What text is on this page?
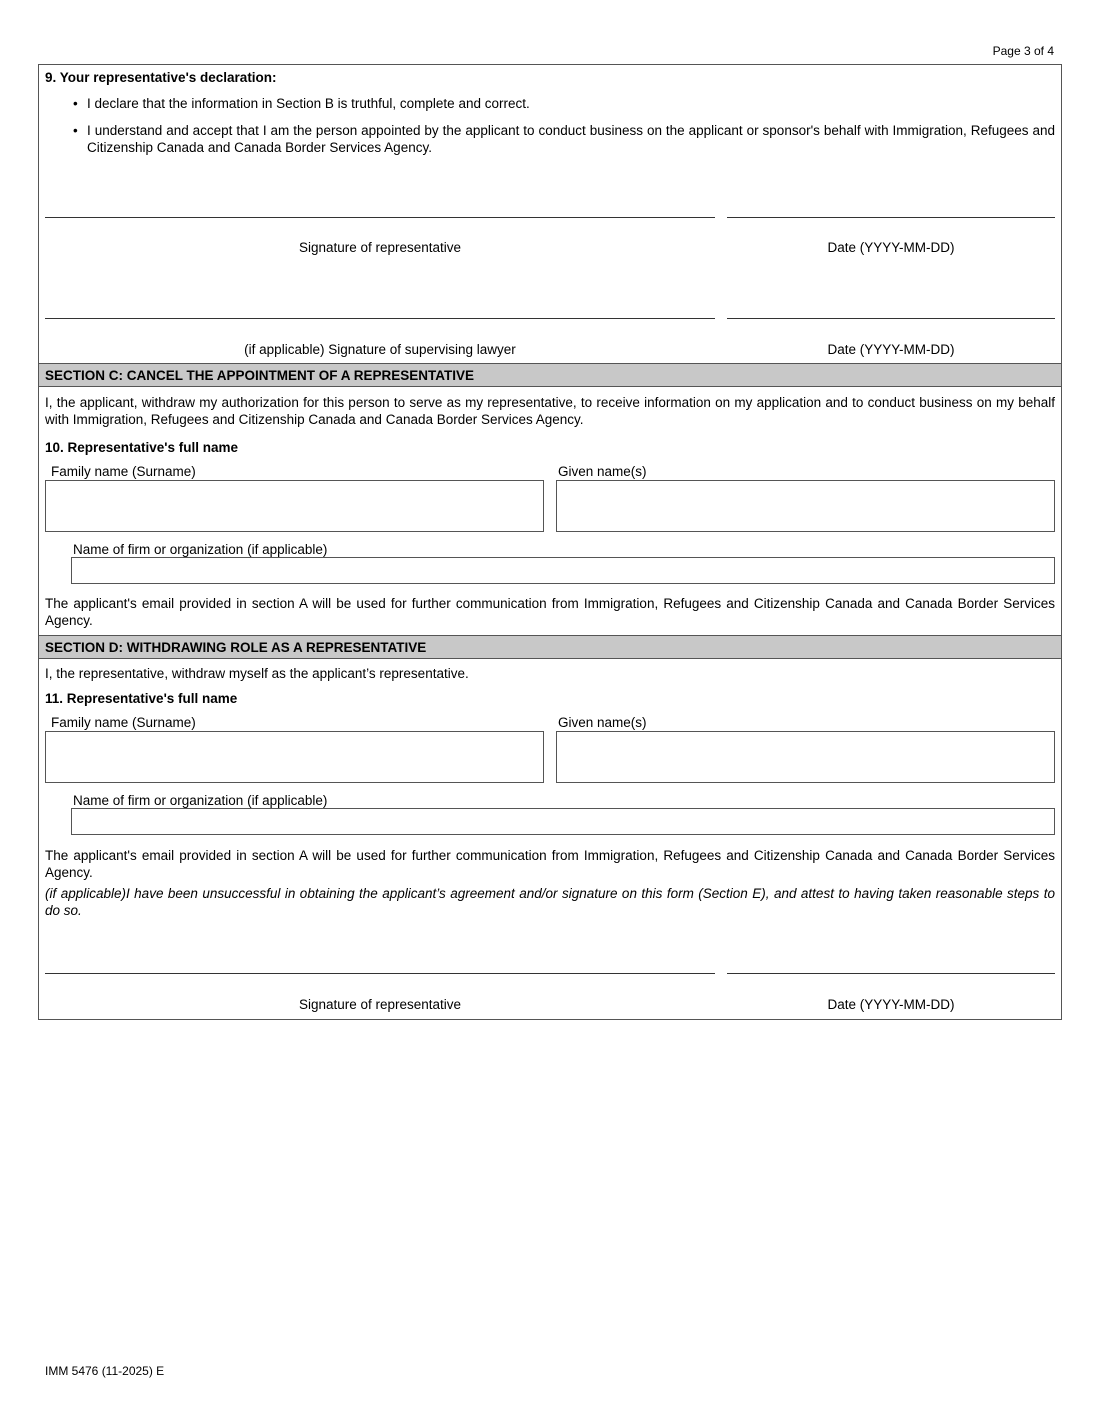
Page 3 of 4
9. Your representative's declaration:
• I declare that the information in Section B is truthful, complete and correct.
• I understand and accept that I am the person appointed by the applicant to conduct business on the applicant or sponsor's behalf with Immigration, Refugees and Citizenship Canada and Canada Border Services Agency.
Signature of representative	Date (YYYY-MM-DD)
(if applicable) Signature of supervising lawyer	Date (YYYY-MM-DD)
SECTION C: CANCEL THE APPOINTMENT OF A REPRESENTATIVE
I, the applicant, withdraw my authorization for this person to serve as my representative, to receive information on my application and to conduct business on my behalf with Immigration, Refugees and Citizenship Canada and Canada Border Services Agency.
10. Representative's full name
Family name (Surname)	Given name(s)
Name of firm or organization (if applicable)
The applicant's email provided in section A will be used for further communication from Immigration, Refugees and Citizenship Canada and Canada Border Services Agency.
SECTION D: WITHDRAWING ROLE AS A REPRESENTATIVE
I, the representative, withdraw myself as the applicant’s representative.
11. Representative's full name
Family name (Surname)	Given name(s)
Name of firm or organization (if applicable)
The applicant's email provided in section A will be used for further communication from Immigration, Refugees and Citizenship Canada and Canada Border Services Agency.
(if applicable)I have been unsuccessful in obtaining the applicant’s agreement and/or signature on this form (Section E), and attest to having taken reasonable steps to do so.
Signature of representative	Date (YYYY-MM-DD)
IMM 5476 (11-2025) E
